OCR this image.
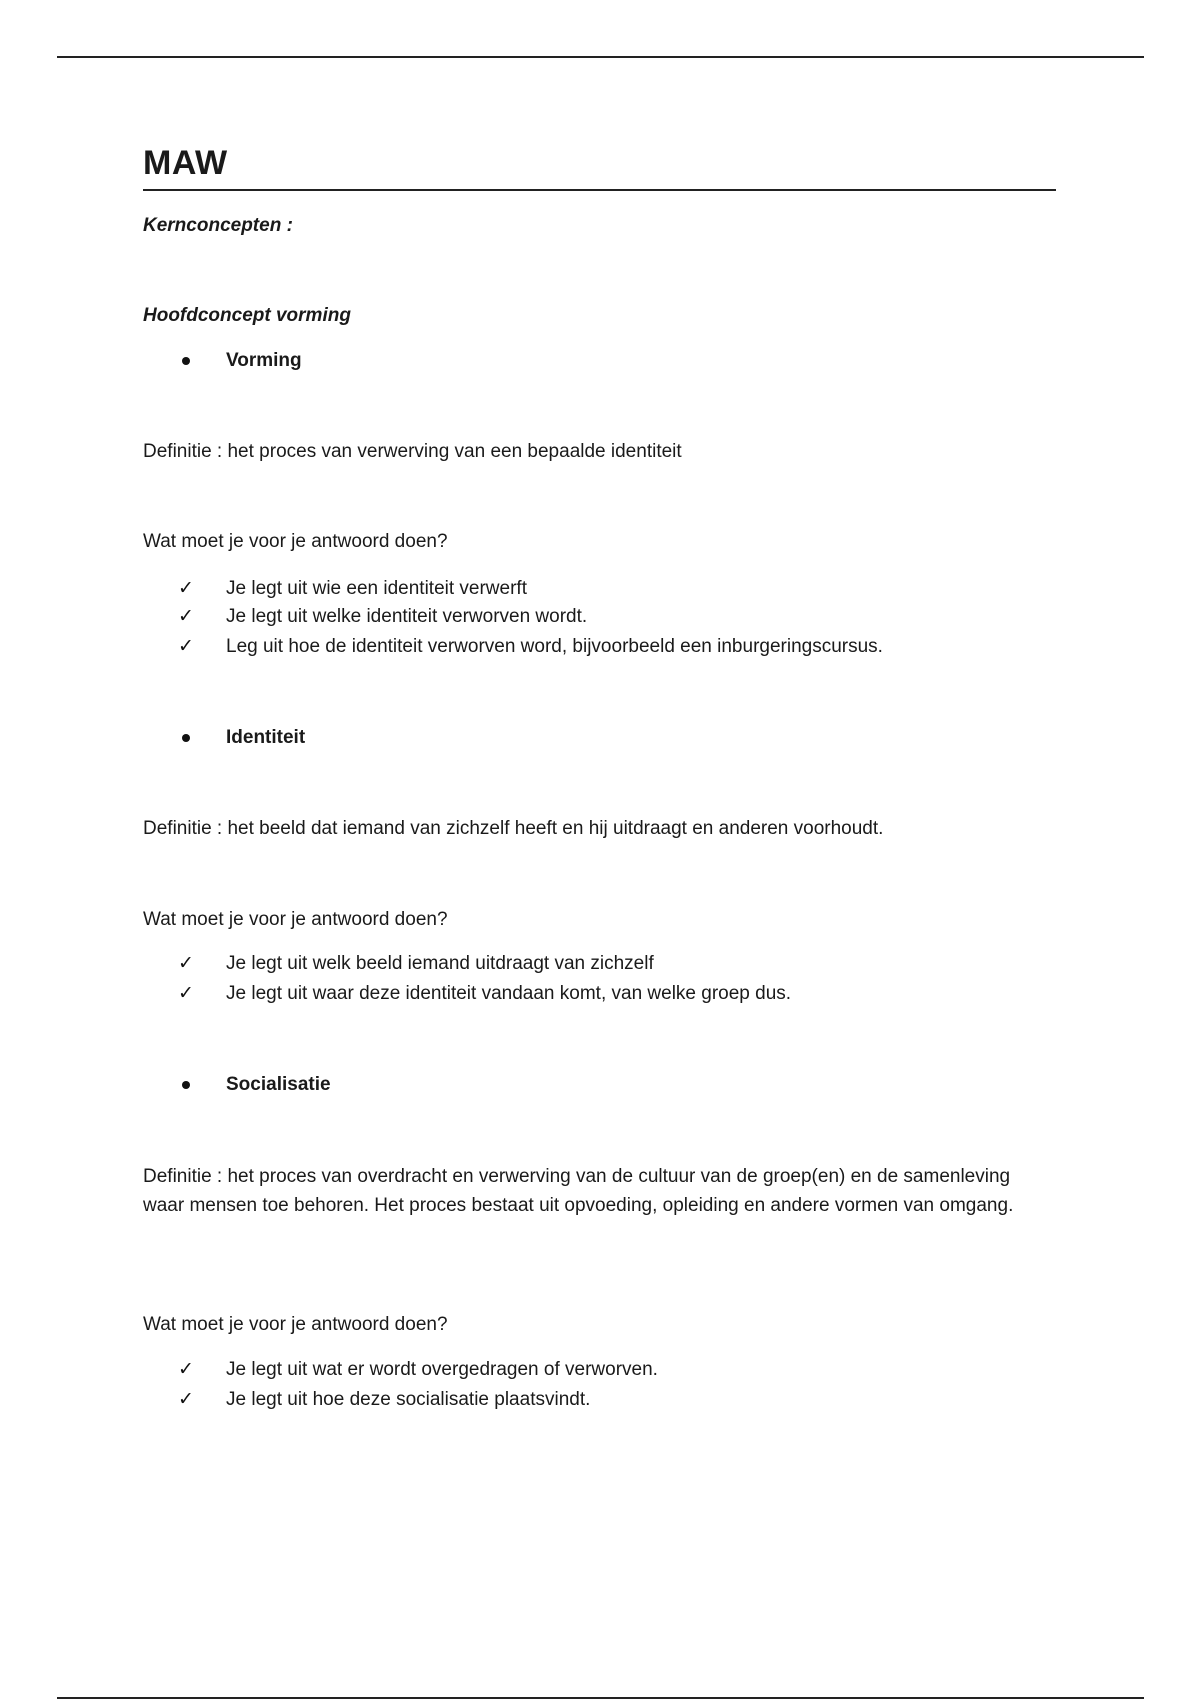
MAW
Kernconcepten :
Hoofdconcept vorming
Vorming
Definitie : het proces van verwerving van een bepaalde identiteit
Wat moet je voor je antwoord doen?
✓	Je legt uit wie een identiteit verwerft
✓	Je legt uit welke identiteit verworven wordt.
✓	Leg uit hoe de identiteit verworven word, bijvoorbeeld een inburgeringscursus.
Identiteit
Definitie : het beeld dat iemand van zichzelf heeft en hij uitdraagt en anderen voorhoudt.
Wat moet je voor je antwoord doen?
✓	Je legt uit welk beeld iemand uitdraagt van zichzelf
✓	Je legt uit waar deze identiteit vandaan komt, van welke groep dus.
Socialisatie
Definitie : het proces van overdracht en verwerving van de cultuur van de groep(en) en de samenleving waar mensen toe behoren. Het proces bestaat uit opvoeding, opleiding en andere vormen van omgang.
Wat moet je voor je antwoord doen?
✓	Je legt uit wat er wordt overgedragen of verworven.
✓	Je legt uit hoe deze socialisatie plaatsvindt.
